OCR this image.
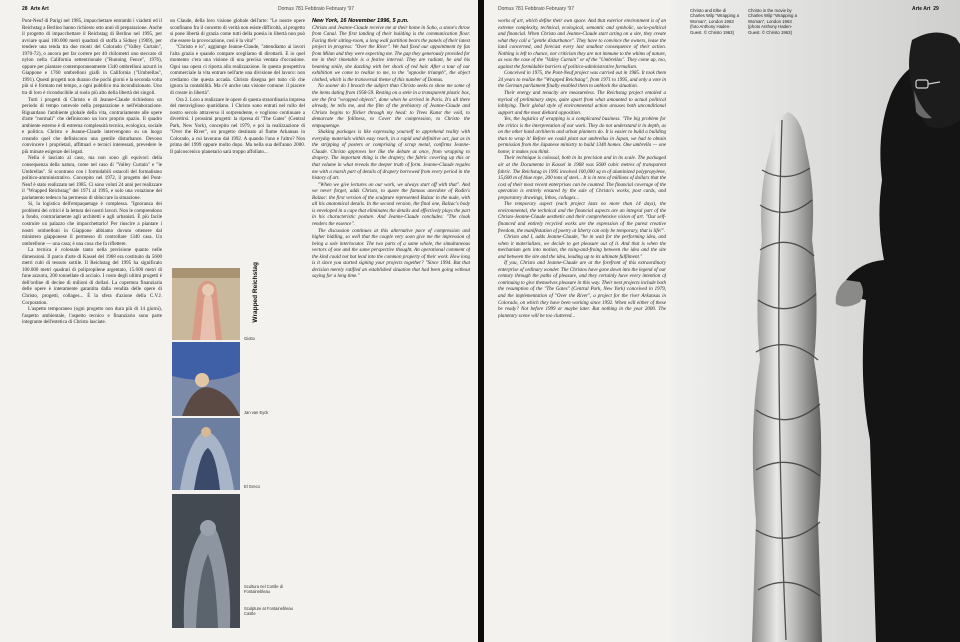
28 Arte Art	Domus 781 Febbraio February '97

Pont-Neuf di Parigi nel 1985, impacchettare entrambi i viadotti ed il Reichstag a Berlino hanno richiesto otto anni di preparazione. Anche il progetto di impacchettare il Reichstag di Berlino nel 1995, per avviare quasi 100.000 metri quadrati di stoffa a Sidney (1969), per tendere una tenda tra due monti del Colorado ("Valley Curtain", 1970-72), o ancora per far correre per 40 chilometri uno steccato di nylon nella California settentrionale ("Running Fence", 1976), oppure per piantare contemporaneamente 1340 ombrelloni azzurri in Giappone e 1760 ombrelloni gialli in California ("Umbrellas", 1991). Questi progetti non durano che pochi giorni e la seconda volta più si è formato nel tempo, a ogni pubblico ma incondizionato. Uno tra di loro è riconducibile al ruolo più alto della libertà dei singoli.

Tutti i progetti di Christo e di Jeanne-Claude richiedono un periodo di tempo notevole nella preparazione e nell'elaborazione. Riguardano l'ambiente globale della vita, contrariamente alle opere d'arte "normali" che definiscono un loro proprio spazio. Il quadro ambiente esterno è di estrema complessità tecnica, ecologica, sociale e politica. Christo e Jeanne-Claude intervengono su un luogo creando quel che definiscono una gentile disturbance. Devono convincere i proprietari, affittuari e tecnici interessati, prevedere le più minute esigenze dei legati.

Nella è lasciato al caso, ma non sono gli equivoci della consequenza della natura, come nel caso di "Valley Curtain" e "le Umbrellas". Si scontrano con i formidabili ostacoli del formalismo politico-amministrativo. Concepito nel 1972, il progetto del Pont-Neuf è stato realizzato nel 1985. Ci sono voluti 24 anni per realizzare il "Wrapped Reichstag" del 1971 al 1995, e solo una votazione del parlamento tedesco ha permesso di sbloccare la situazione.

Si, la logistica dell'empaquetage è complessa. "Ignoranza dei problemi dei critici è la lettura dei nostri lavori. Non le comprendono a fondo, contrariamente agli architetti e agli urbanisti. È più facile costruire un palazzo che impacchettarlo! Per riuscire a piantare i nostri ombrelloni in Giappone abbiamo dovuto ottenere dal ministero giapponese il permesso di controllare 1340 casa. Un ombrellone — una casa; è una cosa che fa riflettere.

La tecnica è colossale tanto nella precisione quanto nelle dimensioni. Il parco d'arte di Kassel del 1968 era costituito da 5600 metri cubi di tessuto sottile. Il Reichstag del 1995 ha significato 100.000 metri quadrati di polipropilene argentato, 15.600 metri di fune azzurra, 200 tonnellate di acciaio. I costo degli ultimi progetti è dell'ordine di decine di milioni di dollari. La copertura finanziaria delle opere è interamente garantita dalla vendita delle opere di Christo, progetti, collages... È la sfera d'azione della C.V.J. Corporation.

L'aspetto temporaneo (ogni progetto non dura più di 14 giorni), l'aspetto ambientale, l'aspetto tecnico e finanziario sono parte integrante dell'estetica di Christo lasciate.

un Claude, della loro visione globale dell'arte: "Le nostre opere sconfinano fra il concetto di verità non esiste difficoltà, al progetto si pone libertà di grazia come tutti della poesia in libertà non può che essere la provocazione, così è la vita!"

"Christo e io", aggiunge Jeanne-Claude, "attendiamo ai lavori l'alta grazia e quando compare scegliamo di dirottarli. E io quel momento c'era una visione di una precisa ventata d'occasione. Ogni sua opera ci riporta alla realizzazione. In questa prospettiva commerciale la vita entrare nell'arte una divisione del lavoro: non crediamo che questa accada. Christo disegna per tutto ciò che ignora la contabilità. Ma c'è anche una visione comune: il piacere di creare in libertà".

Ora 2. Loro a realizzare le opere di questa straordinaria impresa del meraviglioso quotidiano. I Christo sono entrati nel rullo del nostro secolo attraverso il sorprendente, e vogliono continuare a divertirsi. I prossimi progetti: la ripresa di "The Gates" (Central Park, New York), concepito nel 1979, e poi la realizzazione di "Over the River", un progetto destinato al fiume Arkansas in Colorado, a cui lavorano dal 1992. A quando l'uno e l'altro? Non prima del 1999 oppure molto dopo. Ma nella sua dell'anno 2000. Il palcoscenico planetario sarà troppo affollato...

Giotto
Jan van Eyck
El Greco
Scultura nel Cortile di Fontainebleau
Sculpture at Fontainebleau Castle
Wrapped Reichstag

New York, 16 November 1996, 5 p.m.

Christo and Jeanne-Claude receive me at their home in Soho, a stone's throw from Canal. The first landing of their building is the communication floor. Facing their sitting-room, a long wall partition bears the panels of their latest project in progress: "Over the River". We had fixed our appointment by fax from Milan and they were expecting me. The gap they generously provided for me in their timetable is a festive interval. They are radiant, he and his beaming smile, she dazzling with her shock of red hair. After a tour of our exhibition we come to realize to me, to the "opposite triumph", the object clothed, which is the transversal theme of this number of Domus.

No sooner do I broach the subject than Christo seeks to show me some of the items dating from 1958-59. Resting on a stele in a transparent plastic box, are the first "wrapped objects", done when he arrived in Paris. It's all there already, he tells me, and the film of the prehistory of Jeanne-Claude and Christo begins to flicker through my head: to Trees Kunst the void, to demarcate the folliness, to Cover the compression, to Christo the empaquetage.

Shaking packages is like expressing yourself to apprehend reality with everyday materials within easy reach, in a rapid and definitive act, just as in the stripping of posters or comprising of scrap metal, confirms Jeanne-Claude. Christo approves her like the debate at once, from wrapping to drapery. The important thing is the drapery, the fabric covering up this or that volume in what reveals the deeper truth of form. Jeanne-Claude regales me with a marsh part of details of drapery borrowed from every period in the history of art.

"When we give lectures on our work, we always start off with that". And we never forget, adds Christo, to quote the famous anecdote of Rodin's Balzac: the first version of the sculpture represented Balzac in the nude, with all his anatomical details. In the second version, the final one, Balzac's body is enveloped in a cape that eliminates the details and effectively plays the part in his characteristic posture. And Jeanne-Claude concludes: "The cloak renders the essence".

The discussion continues at this alternative pace of compression and higher bidding, so well that the couple very soon give me the impression of being a sole interlocutor. The two parts of a same whole, the simultaneous vectors of one and the same perspective thought. An operational comment of the kind could not but lead into the common property of their work. How long is it since you started signing your projects together? "Since 1994. But that decision merely ratified an established situation that had been going without saying for a long time."

Domus 781 Febbraio February '97	Arte Art 29

works of art, which define their own space. And that exterior environment is of an extreme complexity, technical, ecological, semantic and symbolic, socio-political and financial. When Christo and Jeanne-Claude start acting on a site, they create what they call a "gentle disturbance". They have to convince the owners, lease the land concerned, and forecast every last smallest consequence of their action. Nothing is left to chance, nor criticism they are not immune to the whims of nature, as was the case of the "Valley Curtain" or of the "Umbrellas". They come up, too, against the formidable barriers of politico-administrative formalism.

Conceived in 1975, the Pont-Neuf project was carried out in 1985. It took them 24 years to realize the "Wrapped Reichstag", from 1971 to 1995, and only a vote in the German parliament finally enabled them to unblock the situation.

Their energy and tenacity are measureless. The Reichstag project entailed a myriad of preliminary steps, quite apart from what amounted to actual political lobbying. Their global style of environmental action arouses both unconditional support and the most diehard opposition.

Yes, the logistics of wrapping is a complicated business. "The big problem for the critics is the interpretation of our work. They do not understand it in depth, as on the other hand architects and urban planners do. It is easier to build a building than to wrap it! Before we could plant our umbrellas in Japan, we had to obtain permission from the Japanese ministry to build 1340 homes. One umbrella — one home; it makes you think.

Their technique is colossal, both in its precision and in its scale. The packaged air at the Documenta in Kassel in 1968 was 5600 cubic metres of transparent fabric. The Reichstag in 1995 involved 100,000 sq m of aluminized polypropylene, 15,600 m of blue rope, 200 tons of steel... It is in tens of millions of dollars that the cost of their most recent enterprises can be counted. The financial coverage of the operation is entirely ensured by the sale of Christo's works, post cards, and preparatory drawings, lithos, collages...

The temporary aspect (each project lasts no more than 14 days), the environmental, the technical and the financial aspects are an integral part of the Christo-Jeanne-Claude aesthetic and their comprehensive vision of art. "Our self-financed and entirely recycled works are the expression of the purest creative freedom, the manifestation of poetry at liberty can only be temporary, that is life!".

Christo and I, adds Jeanne-Claude, "he in wait for the performing idea, and when it materializes, we decide to get pleasure out of it. And that is when the mechanism gets into motion, the toing-and-froing between the idea and the site and between the site and the idea, leading up to its ultimate fulfilment."

If you, Christo and Jeanne-Claude are at the forefront of this extraordinary enterprise of ordinary wonder. The Christos have gone down into the legend of our century through the paths of pleasure, and they certainly have every intention of continuing to give themselves pleasure in this way. Their next projects include both the resumption of the "The Gates" (Central Park, New York) conceived in 1979, and the implementation of "Over the River", a project for the river Arkansas in Colorado, on which they have been working since 1992. When will either of these be ready? Not before 1999 or maybe later. But nothing in the year 2000. The planetary scene will be too cluttered...

Christo and Elke di Charles Wilp "Wrapping a Woman", London 1963 (foto Anthony Haden-Guest. © Christo 1963)
Christo in the movie by Charles Wilp "Wrapping a Woman", London 1963 (photo Anthony Haden-Guest. © Christo 1963)
